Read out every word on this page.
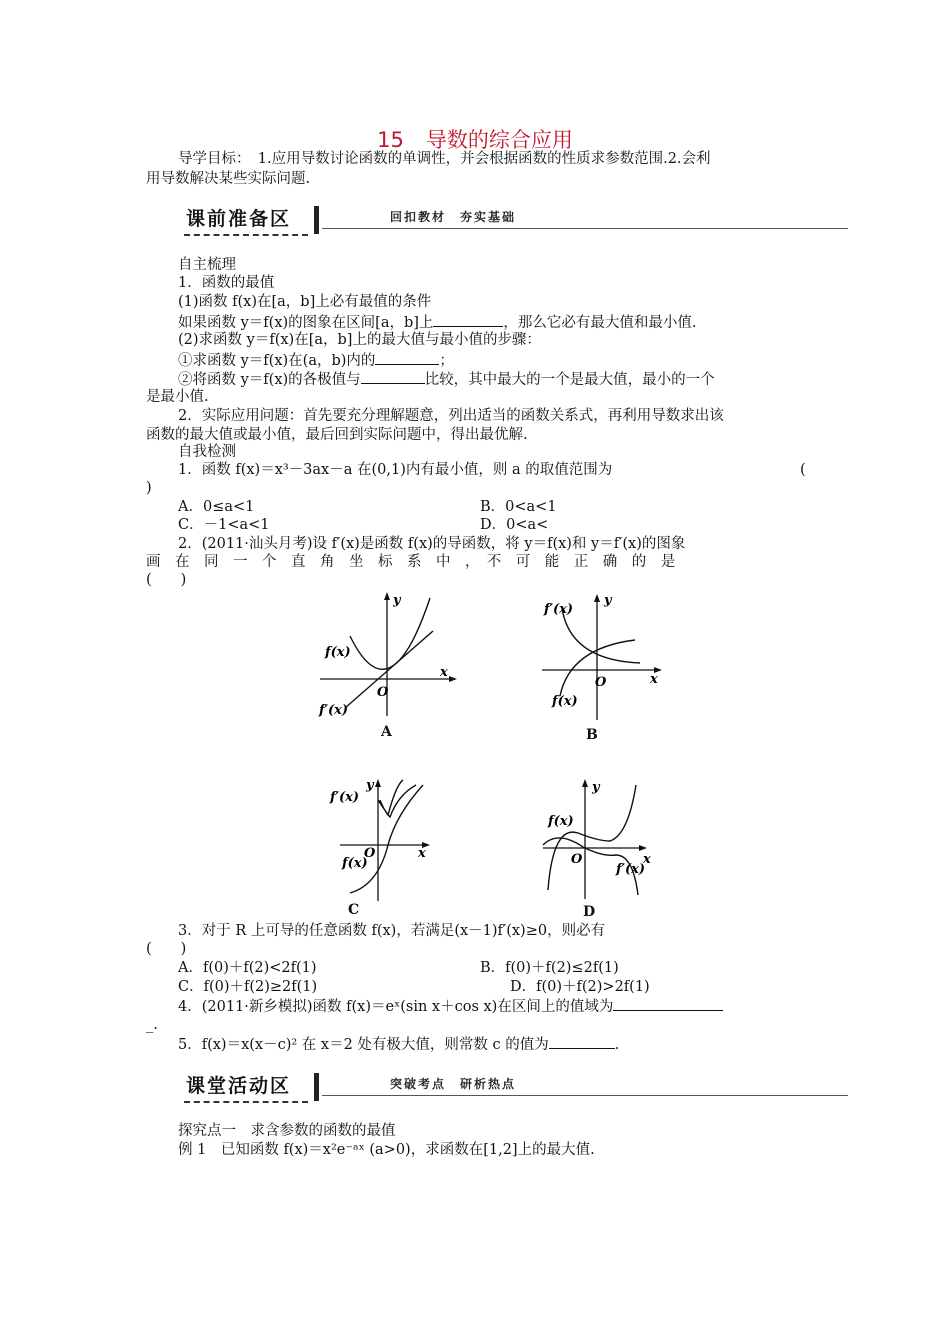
15 导数的综合应用
导学目标：　1.应用导数讨论函数的单调性，并会根据函数的性质求参数范围.2.会利
用导数解决某些实际问题.
课前准备区	回扣教材　夯实基础
自主梳理
1．函数的最值
(1)函数 f(x)在[a，b]上必有最值的条件
如果函数 y＝f(x)的图象在区间[a，b]上	，那么它必有最大值和最小值.
(2)求函数 y＝f(x)在[a，b]上的最大值与最小值的步骤：
①求函数 y＝f(x)在(a，b)内的	；
②将函数 y＝f(x)的各极值与	比较，其中最大的一个是最大值，最小的一个
是最小值.
2．实际应用问题：首先要充分理解题意，列出适当的函数关系式，再利用导数求出该
函数的最大值或最小值，最后回到实际问题中，得出最优解.
自我检测
1．函数 f(x)＝x³－3ax－a 在(0,1)内有最小值，则 a 的取值范围为	(
)
A．0≤a<1	B．0<a<1
C．－1<a<1	D．0<a<
2．(2011·汕头月考)设 f′(x)是函数 f(x)的导函数，将 y＝f(x)和 y＝f′(x)的图象
画　在　同　一　个　直　角　坐　标　系　中　，　不　可　能　正　确　的　是
(　　)
f(x)
f′(x)
x
y
O
A
f′(x)
f(x)
x
y
O
B
f′(x)
f(x)
x
y
O
C
f(x)
f′(x)
x
y
O
D
3．对于 R 上可导的任意函数 f(x)，若满足(x－1)f′(x)≥0，则必有
(　　)
A．f(0)＋f(2)<2f(1)	B．f(0)＋f(2)≤2f(1)
C．f(0)＋f(2)≥2f(1)	D．f(0)＋f(2)>2f(1)
4．(2011·新乡模拟)函数 f(x)＝eˣ(sin x＋cos x)在区间上的值域为
_.
5．f(x)＝x(x－c)² 在 x＝2 处有极大值，则常数 c 的值为	.
课堂活动区	突破考点　研析热点
探究点一　求含参数的函数的最值
例 1　已知函数 f(x)＝x²e⁻ᵃˣ (a>0)，求函数在[1,2]上的最大值.
